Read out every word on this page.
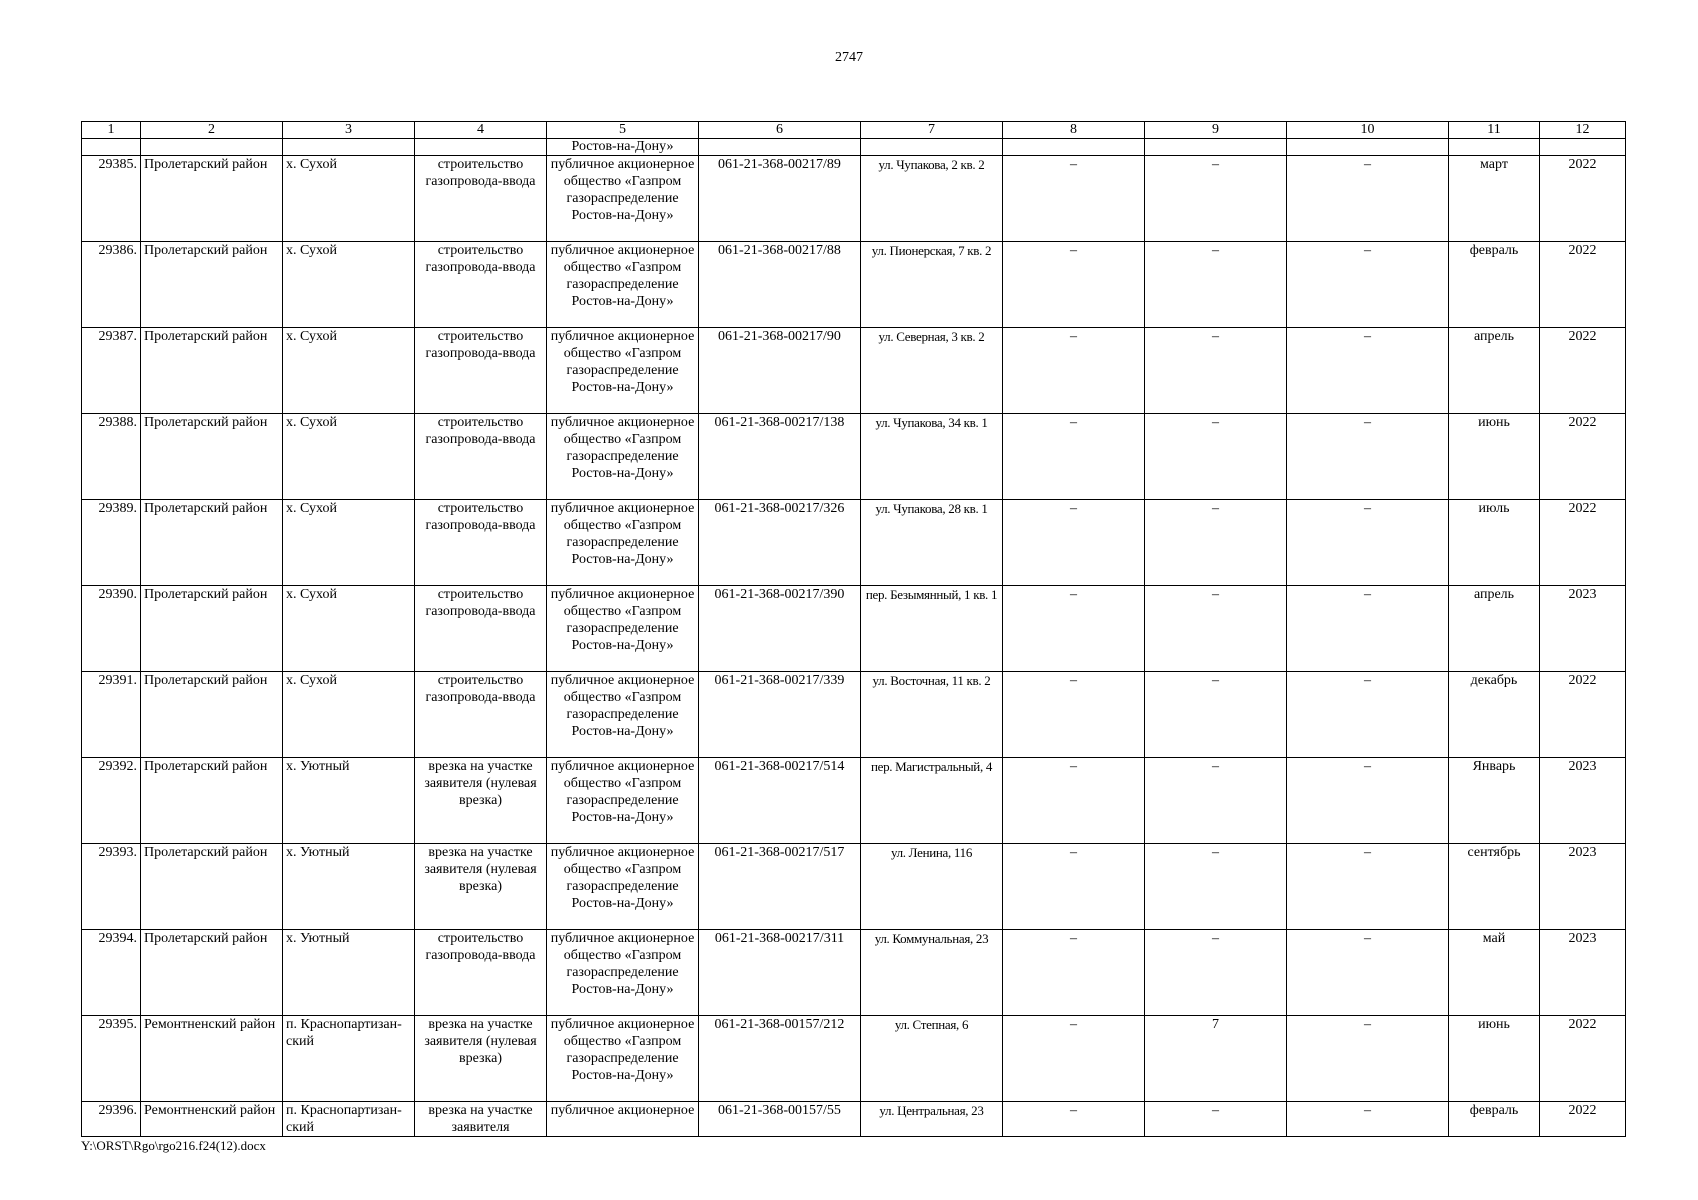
2747
1	2	3	4	5	6	7	8	9	10	11	12
				Ростов-на-Дону»							
29385.	Пролетарский район	х. Сухой	строительство газопровода-ввода	публичное акционерное общество «Газпром газораспределение Ростов-на-Дону»	061-21-368-00217/89	ул. Чупакова, 2 кв. 2	–	–	–	март	2022
29386.	Пролетарский район	х. Сухой	строительство газопровода-ввода	публичное акционерное общество «Газпром газораспределение Ростов-на-Дону»	061-21-368-00217/88	ул. Пионерская, 7 кв. 2	–	–	–	февраль	2022
29387.	Пролетарский район	х. Сухой	строительство газопровода-ввода	публичное акционерное общество «Газпром газораспределение Ростов-на-Дону»	061-21-368-00217/90	ул. Северная, 3 кв. 2	–	–	–	апрель	2022
29388.	Пролетарский район	х. Сухой	строительство газопровода-ввода	публичное акционерное общество «Газпром газораспределение Ростов-на-Дону»	061-21-368-00217/138	ул. Чупакова, 34 кв. 1	–	–	–	июнь	2022
29389.	Пролетарский район	х. Сухой	строительство газопровода-ввода	публичное акционерное общество «Газпром газораспределение Ростов-на-Дону»	061-21-368-00217/326	ул. Чупакова, 28 кв. 1	–	–	–	июль	2022
29390.	Пролетарский район	х. Сухой	строительство газопровода-ввода	публичное акционерное общество «Газпром газораспределение Ростов-на-Дону»	061-21-368-00217/390	пер. Безымянный, 1 кв. 1	–	–	–	апрель	2023
29391.	Пролетарский район	х. Сухой	строительство газопровода-ввода	публичное акционерное общество «Газпром газораспределение Ростов-на-Дону»	061-21-368-00217/339	ул. Восточная, 11 кв. 2	–	–	–	декабрь	2022
29392.	Пролетарский район	х. Уютный	врезка на участке заявителя (нулевая врезка)	публичное акционерное общество «Газпром газораспределение Ростов-на-Дону»	061-21-368-00217/514	пер. Магистральный, 4	–	–	–	Январь	2023
29393.	Пролетарский район	х. Уютный	врезка на участке заявителя (нулевая врезка)	публичное акционерное общество «Газпром газораспределение Ростов-на-Дону»	061-21-368-00217/517	ул. Ленина, 116	–	–	–	сентябрь	2023
29394.	Пролетарский район	х. Уютный	строительство газопровода-ввода	публичное акционерное общество «Газпром газораспределение Ростов-на-Дону»	061-21-368-00217/311	ул. Коммунальная, 23	–	–	–	май	2023
29395.	Ремонтненский район	п. Краснопартизан-ский	врезка на участке заявителя (нулевая врезка)	публичное акционерное общество «Газпром газораспределение Ростов-на-Дону»	061-21-368-00157/212	ул. Степная, 6	–	7	–	июнь	2022
29396.	Ремонтненский район	п. Краснопартизан-ский	врезка на участке заявителя	публичное акционерное	061-21-368-00157/55	ул. Центральная, 23	–	–	–	февраль	2022
Y:\ORST\Rgo\rgo216.f24(12).docx
